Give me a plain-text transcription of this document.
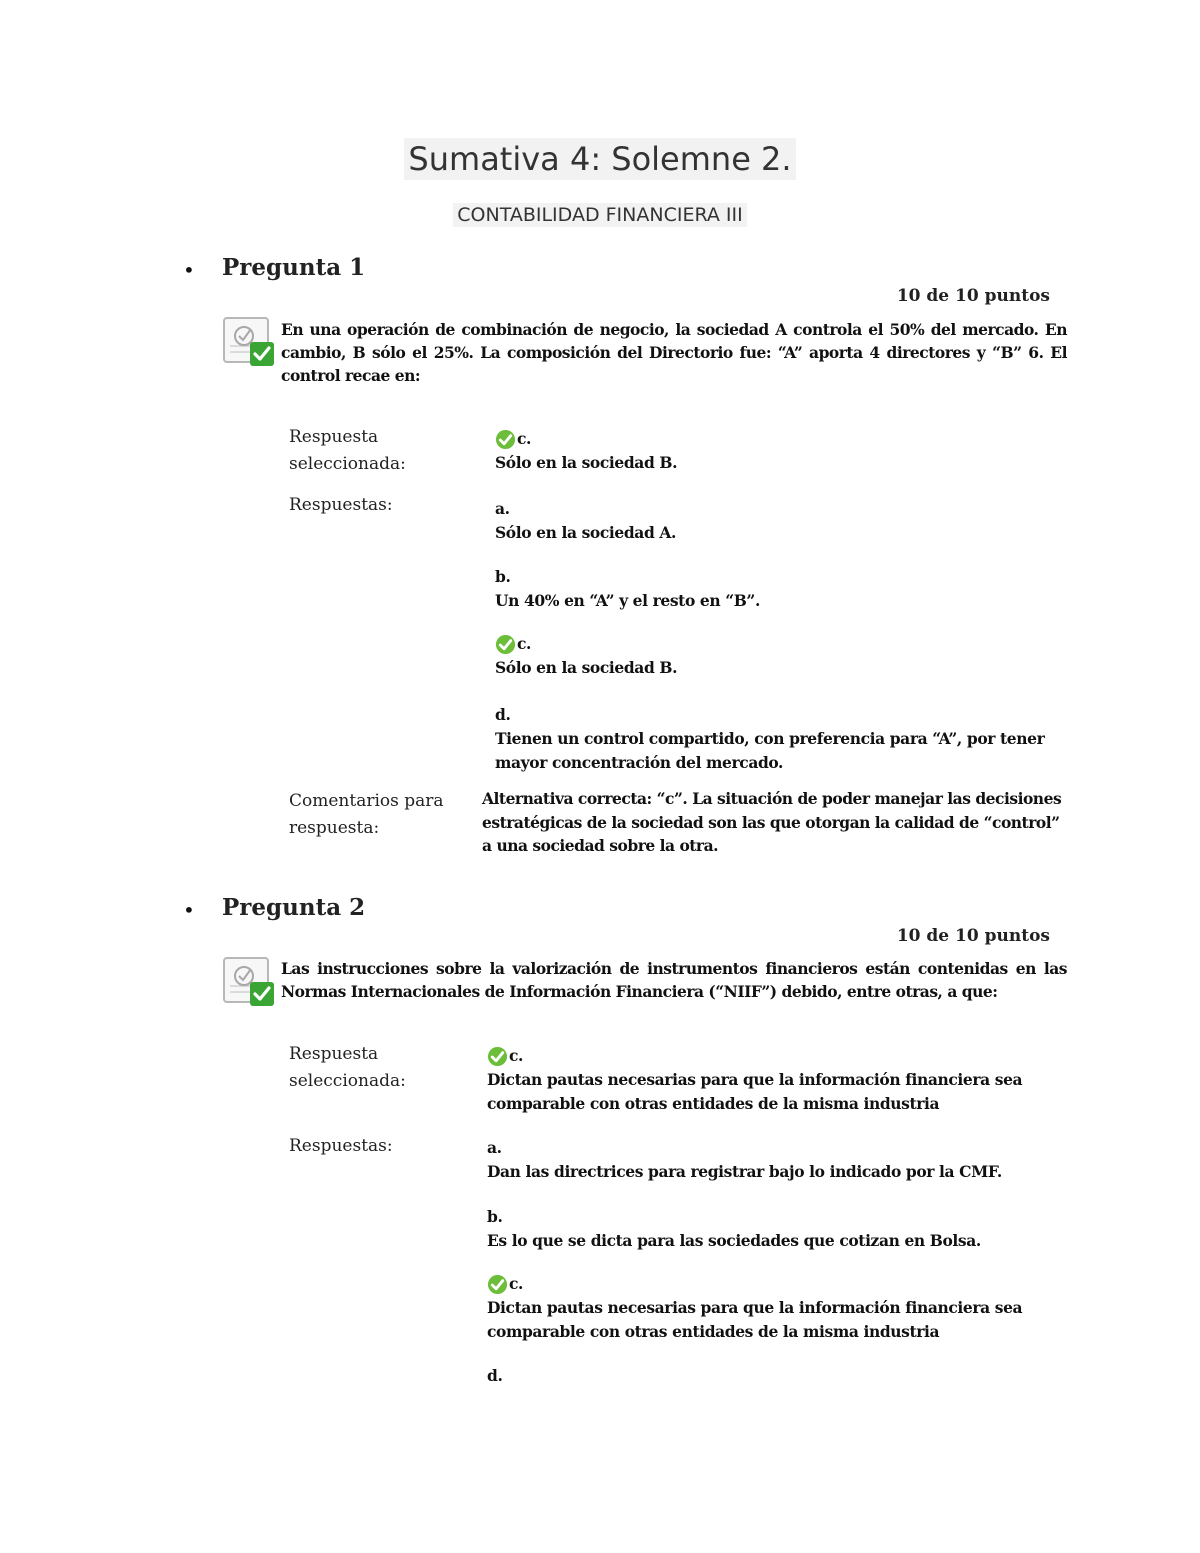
Sumativa 4: Solemne 2.
CONTABILIDAD FINANCIERA III
• Pregunta 1
10 de 10 puntos
En una operación de combinación de negocio, la sociedad A controla el 50% del mercado. En cambio, B sólo el 25%. La composición del Directorio fue: “A” aporta 4 directores y “B” 6. El control recae en:
Respuesta seleccionada:
c.
Sólo en la sociedad B.
Respuestas:	a.
Sólo en la sociedad A.
b.
Un 40% en “A” y el resto en “B”.
c.
Sólo en la sociedad B.
d.
Tienen un control compartido, con preferencia para “A”, por tener mayor concentración del mercado.
Comentarios para respuesta:
Alternativa correcta: “c”. La situación de poder manejar las decisiones estratégicas de la sociedad son las que otorgan la calidad de “control” a una sociedad sobre la otra.
• Pregunta 2
10 de 10 puntos
Las instrucciones sobre la valorización de instrumentos financieros están contenidas en las Normas Internacionales de Información Financiera (“NIIF”) debido, entre otras, a que:
Respuesta seleccionada:
c.
Dictan pautas necesarias para que la información financiera sea comparable con otras entidades de la misma industria
Respuestas:	a.
Dan las directrices para registrar bajo lo indicado por la CMF.
b.
Es lo que se dicta para las sociedades que cotizan en Bolsa.
c.
Dictan pautas necesarias para que la información financiera sea comparable con otras entidades de la misma industria
d.
